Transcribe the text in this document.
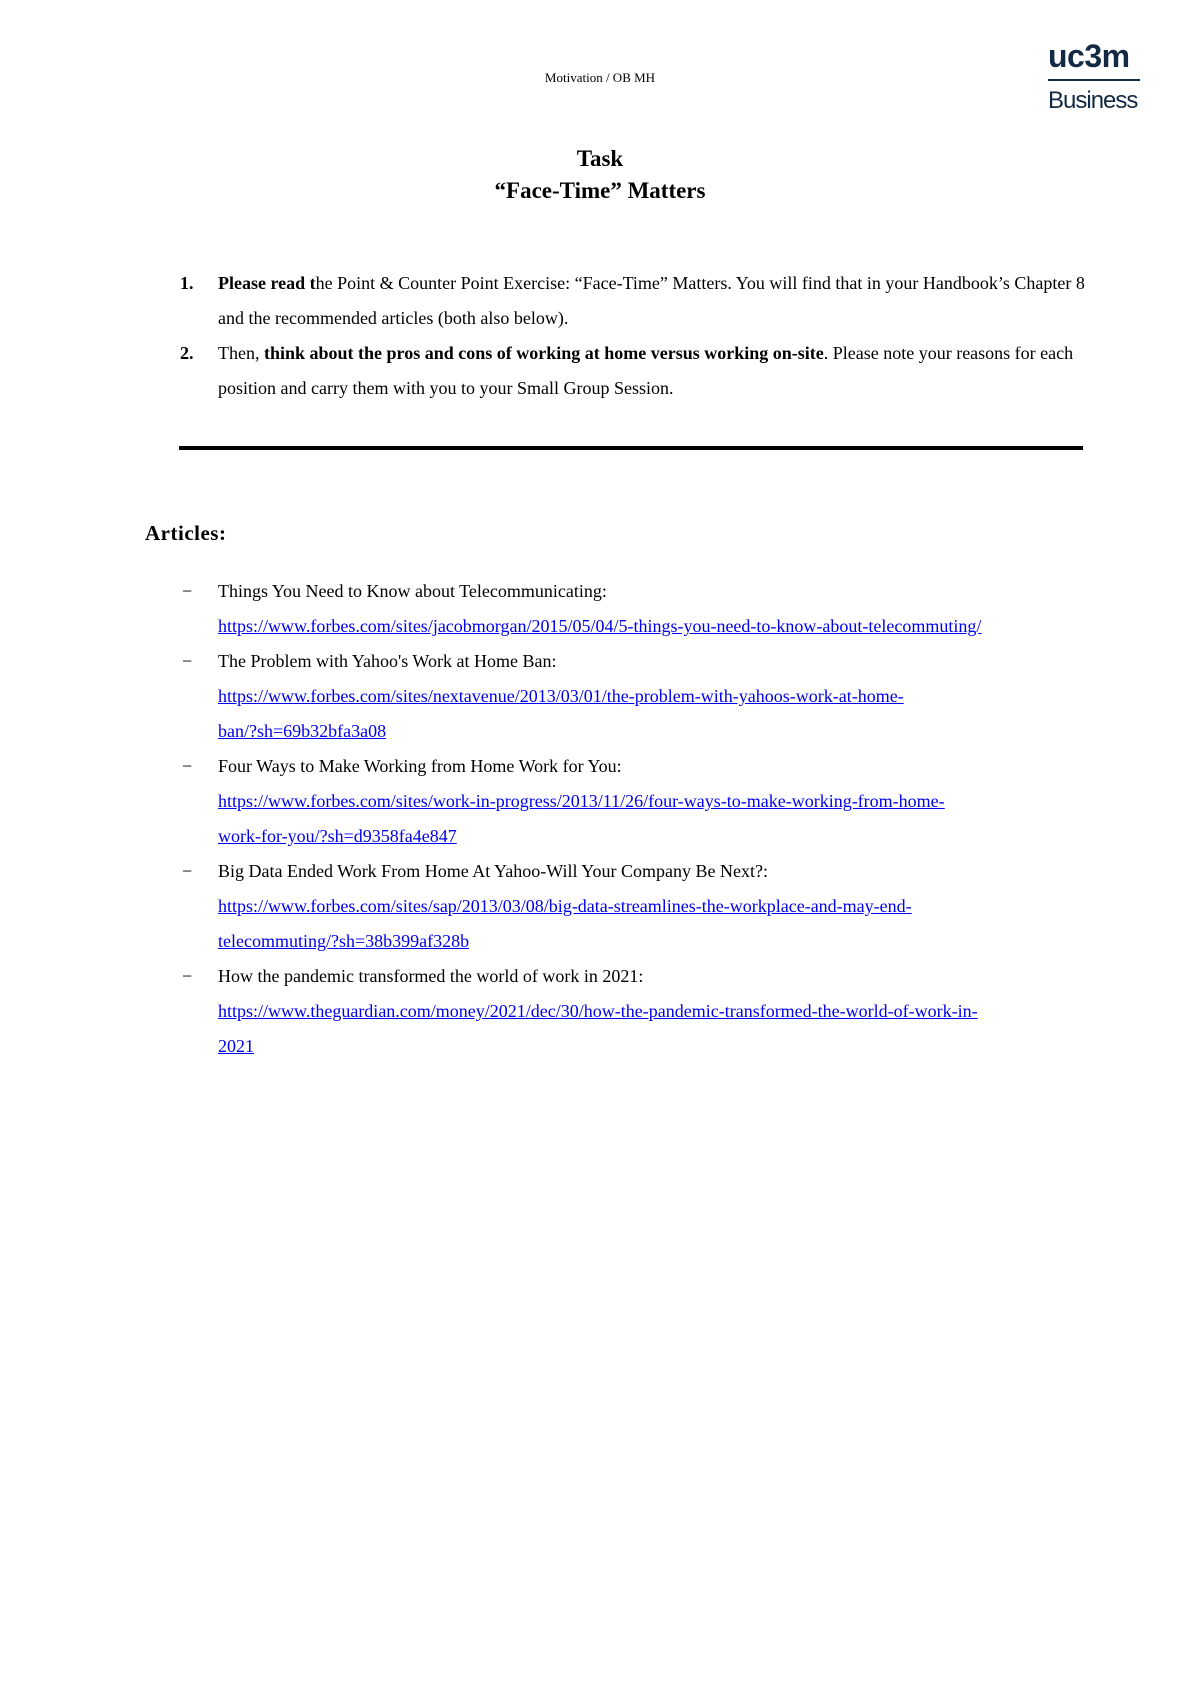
Motivation / OB MH
uc3m
Business
Task
“Face-Time” Matters
1. Please read the Point & Counter Point Exercise: “Face-Time” Matters. You will find that in your Handbook’s Chapter 8 and the recommended articles (both also below).
2. Then, think about the pros and cons of working at home versus working on-site. Please note your reasons for each position and carry them with you to your Small Group Session.
Articles:
− Things You Need to Know about Telecommunicating:
https://www.forbes.com/sites/jacobmorgan/2015/05/04/5-things-you-need-to-know-about-telecommuting/
− The Problem with Yahoo's Work at Home Ban:
https://www.forbes.com/sites/nextavenue/2013/03/01/the-problem-with-yahoos-work-at-home-
ban/?sh=69b32bfa3a08
− Four Ways to Make Working from Home Work for You:
https://www.forbes.com/sites/work-in-progress/2013/11/26/four-ways-to-make-working-from-home-
work-for-you/?sh=d9358fa4e847
− Big Data Ended Work From Home At Yahoo-Will Your Company Be Next?:
https://www.forbes.com/sites/sap/2013/03/08/big-data-streamlines-the-workplace-and-may-end-
telecommuting/?sh=38b399af328b
− How the pandemic transformed the world of work in 2021:
https://www.theguardian.com/money/2021/dec/30/how-the-pandemic-transformed-the-world-of-work-in-
2021
